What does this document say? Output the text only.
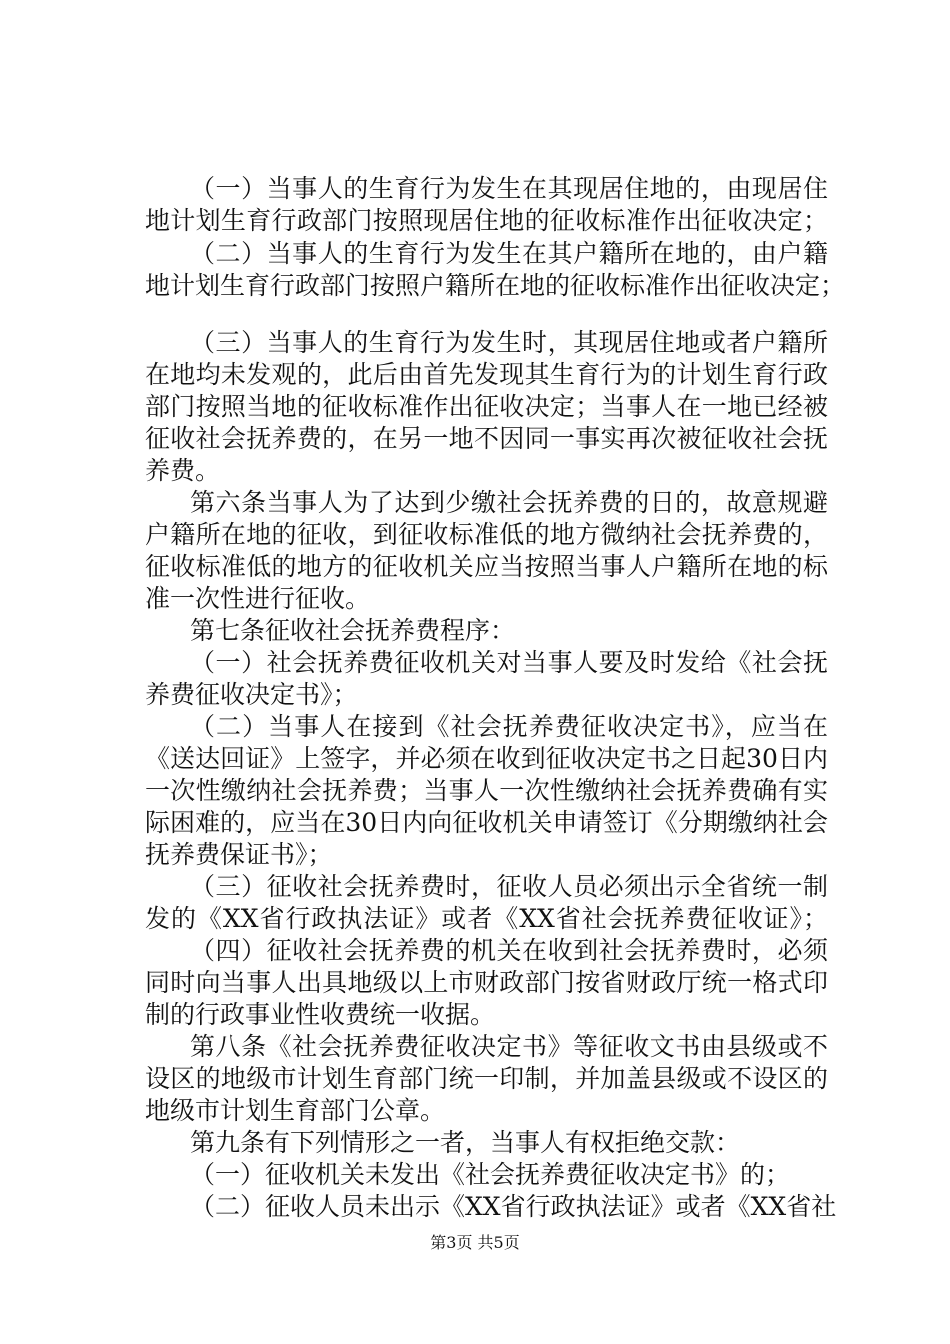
（一）当事人的生育行为发生在其现居住地的，由现居住
地计划生育行政部门按照现居住地的征收标准作出征收决定；
（二）当事人的生育行为发生在其户籍所在地的，由户籍
地计划生育行政部门按照户籍所在地的征收标准作出征收决定；
（三）当事人的生育行为发生时，其现居住地或者户籍所
在地均未发观的，此后由首先发现其生育行为的计划生育行政
部门按照当地的征收标准作出征收决定；当事人在一地已经被
征收社会抚养费的，在另一地不因同一事实再次被征收社会抚
养费。
第六条当事人为了达到少缴社会抚养费的日的，故意规避
户籍所在地的征收，到征收标准低的地方微纳社会抚养费的，
征收标准低的地方的征收机关应当按照当事人户籍所在地的标
准一次性进行征收。
第七条征收社会抚养费程序：
（一）社会抚养费征收机关对当事人要及时发给《社会抚
养费征收决定书》；
（二）当事人在接到《社会抚养费征收决定书》，应当在
《送达回证》上签字，并必须在收到征收决定书之日起30日内
一次性缴纳社会抚养费；当事人一次性缴纳社会抚养费确有实
际困难的，应当在30日内向征收机关申请签订《分期缴纳社会
抚养费保证书》；
（三）征收社会抚养费时，征收人员必须出示全省统一制
发的《XX省行政执法证》或者《XX省社会抚养费征收证》；
（四）征收社会抚养费的机关在收到社会抚养费时，必须
同时向当事人出具地级以上市财政部门按省财政厅统一格式印
制的行政事业性收费统一收据。
第八条《社会抚养费征收决定书》等征收文书由县级或不
设区的地级市计划生育部门统一印制，并加盖县级或不设区的
地级市计划生育部门公章。
第九条有下列情形之一者，当事人有权拒绝交款：
（一）征收机关未发出《社会抚养费征收决定书》的；
（二）征收人员未出示《XX省行政执法证》或者《XX省社
第3页 共5页
